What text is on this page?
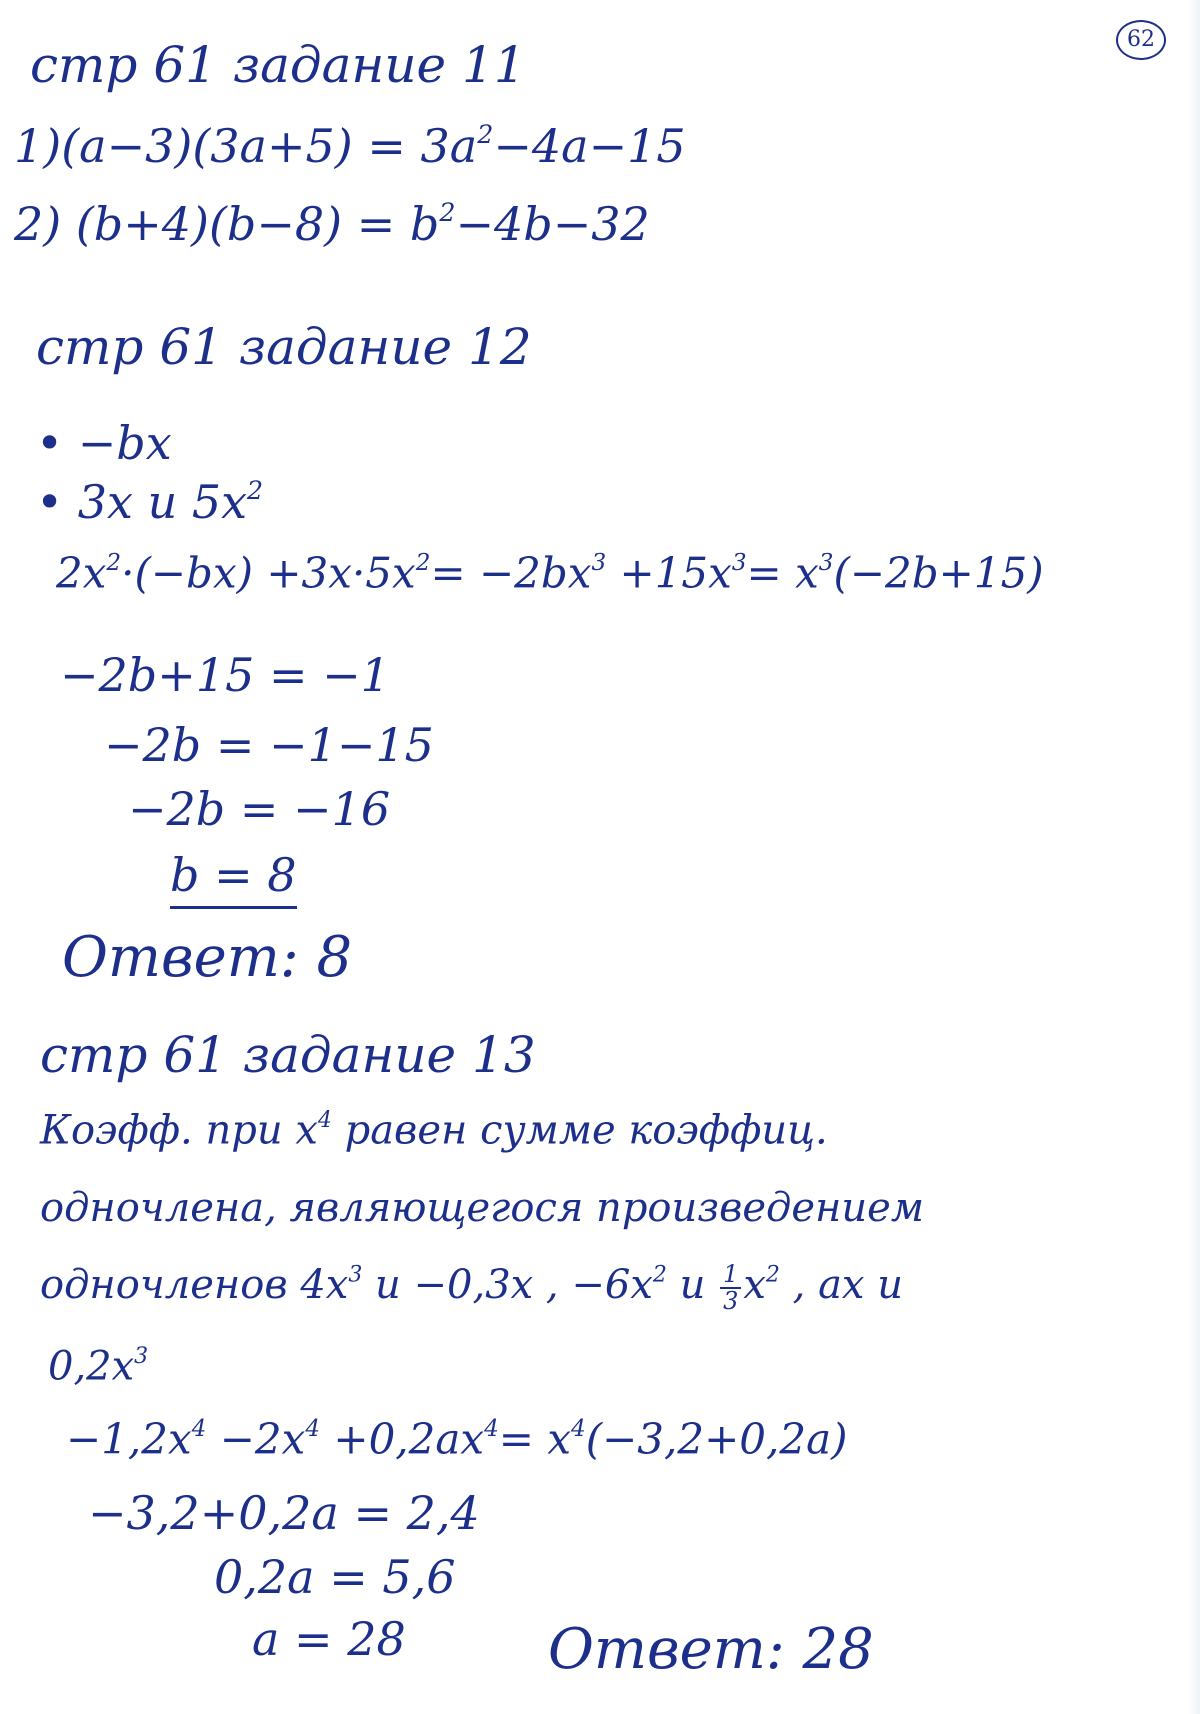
62
стр 61 задание 11
$1)(a-3)(3a+5) = 3a^2-4a-15$
2) $(b+4)(b-8) = b^2-4b-32$
стр 61 задание 12
• −bx
• 3x и $5x^2$
$2x^2\cdot(-bx) +3x\cdot 5x^2= -2bx^3 +15x^3= x^3(-2b+15)$
−2b+15 = −1
−2b = −1−15
−2b = −16
b = 8
Ответ: 8
стр 61 задание 13
Коэфф. при $x^4$ равен сумме коэффиц.
одночлена, являющегося произведением
одночленов $4x^3$ и −0,3x , $-6x^2$ и $\frac{1}{3} x^2$ , ax и
$0,2x^3$
$-1,2x^4 -2x^4 +0,2ax^4= x^4(-3,2+0,2a)$
−3,2+0,2a = 2,4
0,2a = 5,6
a = 28	Ответ: 28
